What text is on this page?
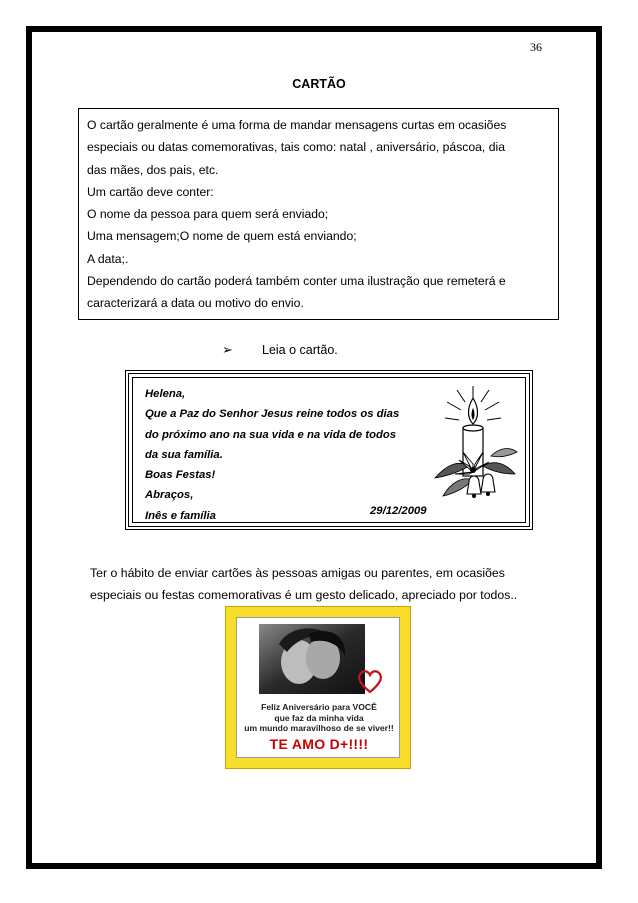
36
CARTÃO

O cartão geralmente é uma forma de mandar mensagens curtas em ocasiões

especiais ou datas comemorativas, tais como: natal , aniversário, páscoa, dia

das mães, dos pais, etc.

Um cartão deve conter:

O nome da pessoa para quem será enviado;

Uma mensagem;O nome de quem está enviando;

A data;.

Dependendo do cartão poderá também conter uma ilustração que remeterá e

caracterizará a data ou motivo do envio.

➢ Leia o cartão.

Helena,

Que a Paz do Senhor Jesus reine todos os dias

do próximo ano na sua vida e na vida de todos

da sua família.

Boas Festas!

Abraços,

Inês e família	29/12/2009

Ter o hábito de enviar cartões às pessoas amigas ou parentes, em ocasiões

especiais ou festas comemorativas é um gesto delicado, apreciado por todos..

Feliz Aniversário para VOCÊ
que faz da minha vida
um mundo maravilhoso de se viver!!
TE AMO D+!!!!
